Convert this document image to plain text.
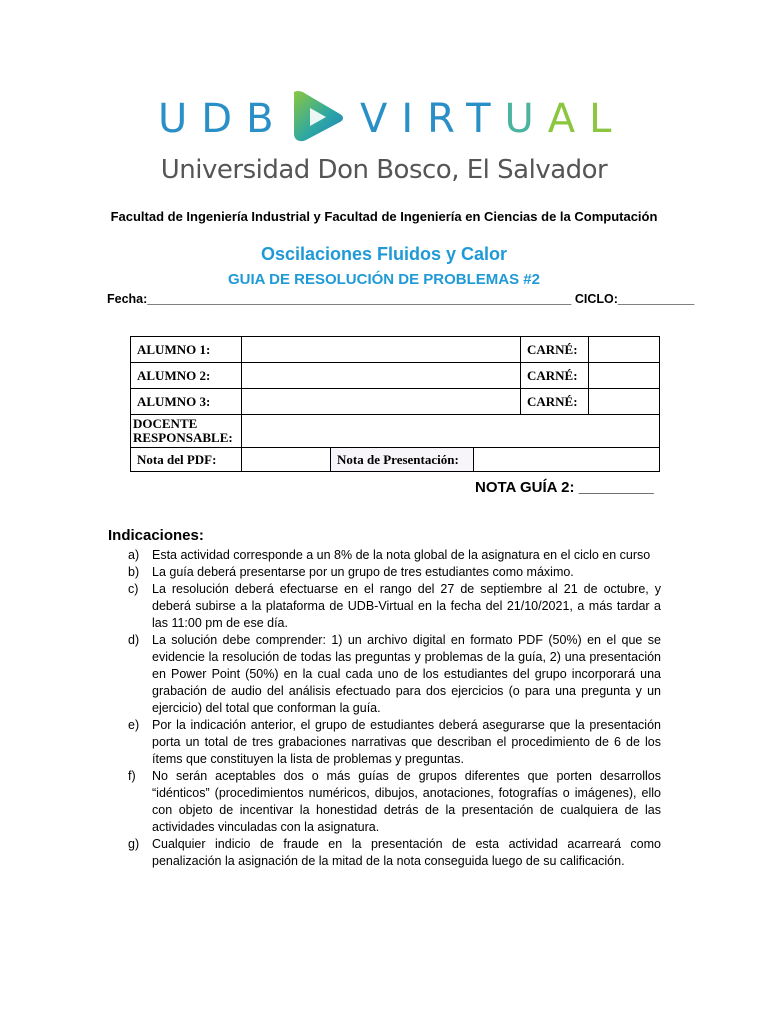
UDB VIRTUAL
Universidad Don Bosco, El Salvador
Facultad de Ingeniería Industrial y Facultad de Ingeniería en Ciencias de la Computación
Oscilaciones Fluidos y Calor
GUIA DE RESOLUCIÓN DE PROBLEMAS #2
Fecha:_____________________________________________________________ CICLO:___________
ALUMNO 1:		CARNÉ:	
ALUMNO 2:		CARNÉ:	
ALUMNO 3:		CARNÉ:	
DOCENTE RESPONSABLE:	

Nota del PDF:		Nota de Presentación:	
NOTA GUÍA 2: _________
Indicaciones:
a) Esta actividad corresponde a un 8% de la nota global de la asignatura en el ciclo en curso
b) La guía deberá presentarse por un grupo de tres estudiantes como máximo.
c) La resolución deberá efectuarse en el rango del 27 de septiembre al 21 de octubre, y deberá subirse a la plataforma de UDB-Virtual en la fecha del 21/10/2021, a más tardar a las 11:00 pm de ese día.
d) La solución debe comprender: 1) un archivo digital en formato PDF (50%) en el que se evidencie la resolución de todas las preguntas y problemas de la guía, 2) una presentación en Power Point (50%) en la cual cada uno de los estudiantes del grupo incorporará una grabación de audio del análisis efectuado para dos ejercicios (o para una pregunta y un ejercicio) del total que conforman la guía.
e) Por la indicación anterior, el grupo de estudiantes deberá asegurarse que la presentación porta un total de tres grabaciones narrativas que describan el procedimiento de 6 de los ítems que constituyen la lista de problemas y preguntas.
f) No serán aceptables dos o más guías de grupos diferentes que porten desarrollos “idénticos” (procedimientos numéricos, dibujos, anotaciones, fotografías o imágenes), ello con objeto de incentivar la honestidad detrás de la presentación de cualquiera de las actividades vinculadas con la asignatura.
g) Cualquier indicio de fraude en la presentación de esta actividad acarreará como penalización la asignación de la mitad de la nota conseguida luego de su calificación.
